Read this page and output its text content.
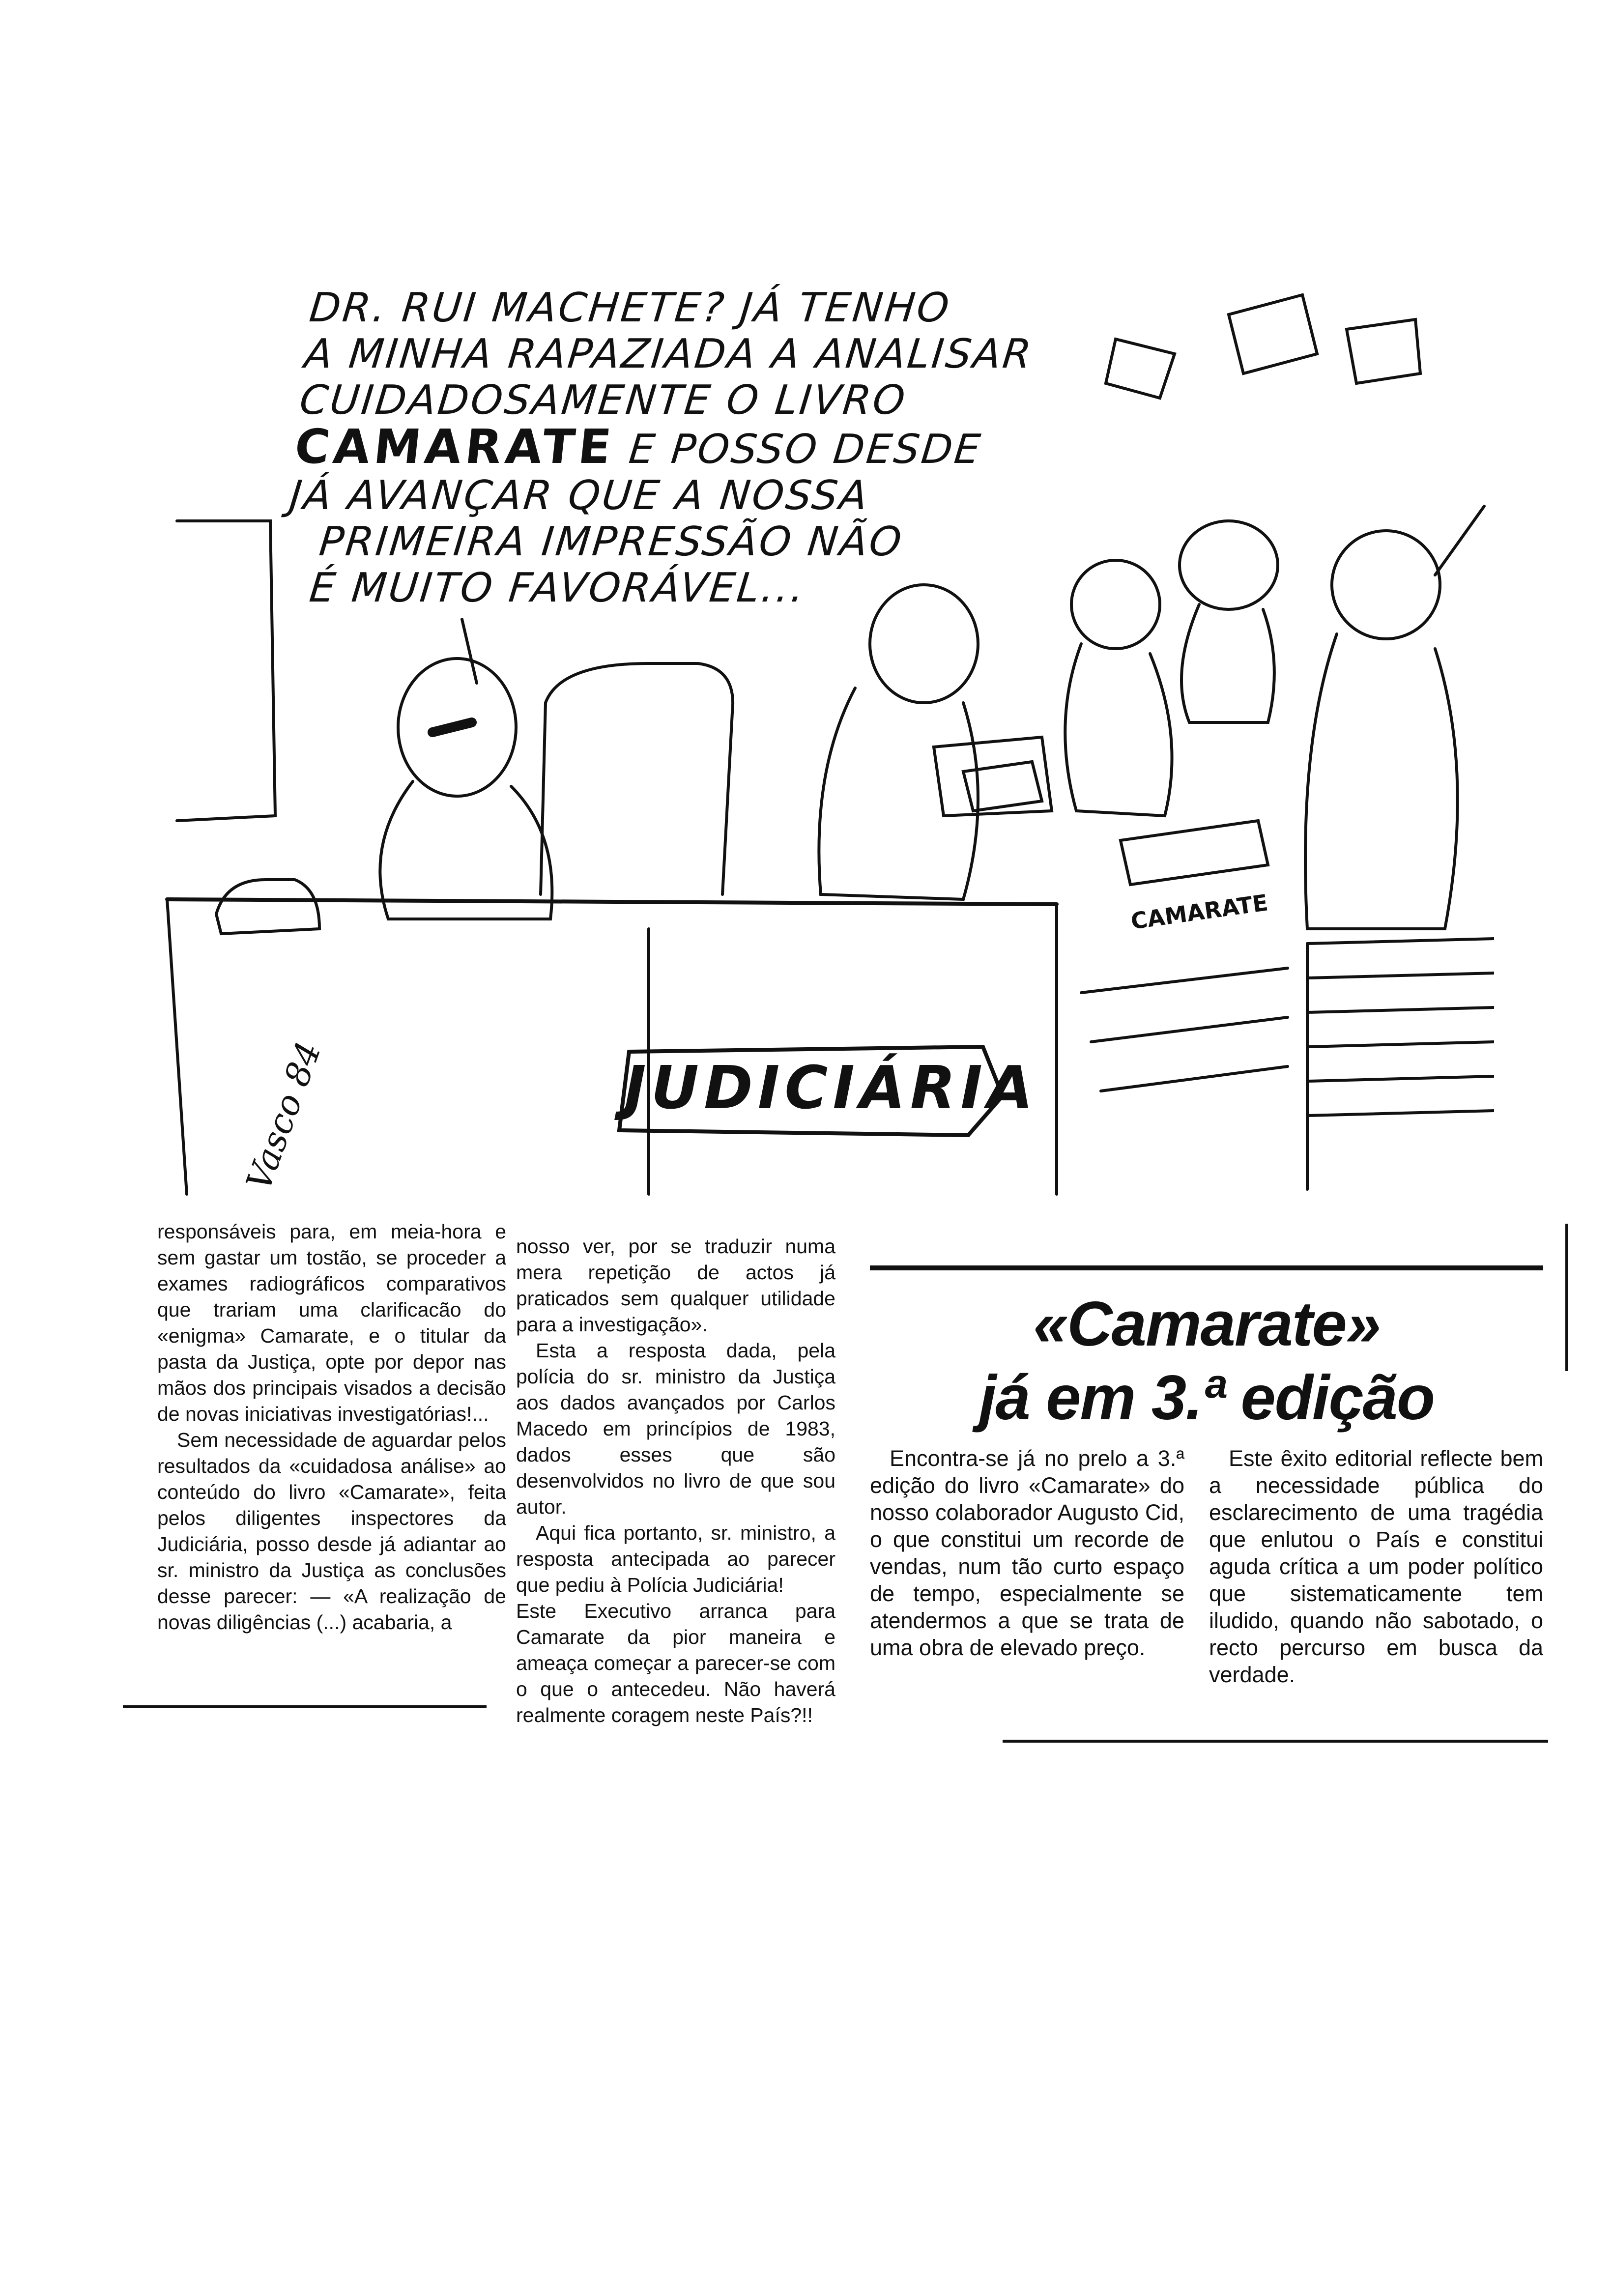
DR. RUI MACHETE? JÁ TENHO
A MINHA RAPAZIADA A ANALISAR
CUIDADOSAMENTE O LIVRO
CAMARATE E POSSO DESDE
JÁ AVANÇAR QUE A NOSSA
PRIMEIRA IMPRESSÃO NÃO
É MUITO FAVORÁVEL...
JUDICIÁRIA
CAMARATE
Vasco 84

responsáveis para, em meia-hora e sem gastar um tostão, se proceder a exames radiográficos comparativos que trariam uma clarificacão do «enigma» Camarate, e o titular da pasta da Justiça, opte por depor nas mãos dos principais visados a decisão de novas iniciativas investigatórias!...

Sem necessidade de aguardar pelos resultados da «cuidadosa análise» ao conteúdo do livro «Camarate», feita pelos diligentes inspectores da Judiciária, posso desde já adiantar ao sr. ministro da Justiça as conclusões desse parecer: — «A realização de novas diligências (...) acabaria, a

nosso ver, por se traduzir numa mera repetição de actos já praticados sem qualquer utilidade para a investigação».

Esta a resposta dada, pela polícia do sr. ministro da Justiça aos dados avançados por Carlos Macedo em princípios de 1983, dados esses que são desenvolvidos no livro de que sou autor.

Aqui fica portanto, sr. ministro, a resposta antecipada ao parecer que pediu à Polícia Judiciária!

Este Executivo arranca para Camarate da pior maneira e ameaça começar a parecer-se com o que o antecedeu. Não haverá realmente coragem neste País?!!

«Camarate»
já em 3.ª edição

Encontra-se já no prelo a 3.ª edição do livro «Camarate» do nosso colaborador Augusto Cid, o que constitui um recorde de vendas, num tão curto espaço de tempo, especialmente se atendermos a que se trata de uma obra de elevado preço.

Este êxito editorial reflecte bem a necessidade pública do esclarecimento de uma tragédia que enlutou o País e constitui aguda crítica a um poder político que sistematicamente tem iludido, quando não sabotado, o recto percurso em busca da verdade.
